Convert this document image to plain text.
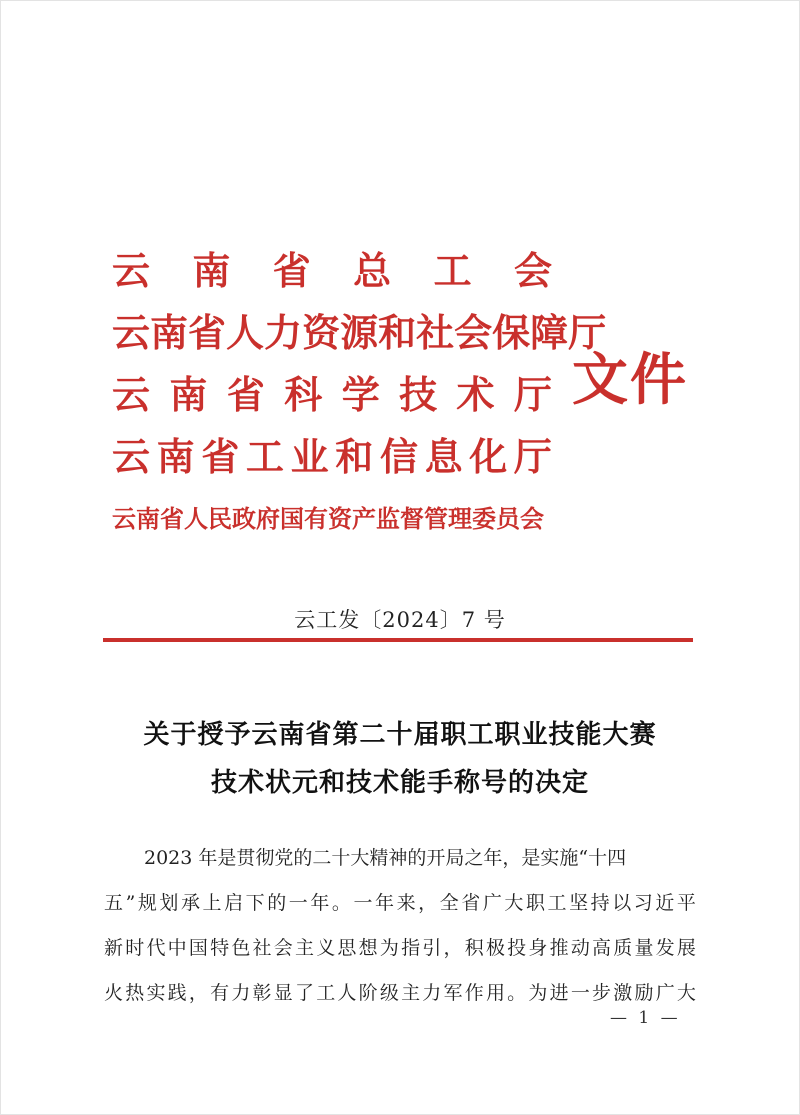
云 南 省 总 工 会
云 南 省 人 力 资 源 和 社 会 保 障 厅
云 南 省 科 学 技 术 厅
云 南 省 工 业 和 信 息 化 厅
云 南 省 人 民 政 府 国 有 资 产 监 督 管 理 委 员 会
文件
云工发〔2024〕7 号
关于授予云南省第二十届职工职业技能大赛
技术状元和技术能手称号的决定
2023 年是贯彻党的二十大精神的开局之年，是实施“十四
五 ” 规 划 承 上 启 下 的 一 年 。 一 年 来 ， 全 省 广 大 职 工 坚 持 以 习 近 平
新 时 代 中 国 特 色 社 会 主 义 思 想 为 指 引 ， 积 极 投 身 推 动 高 质 量 发 展
火 热 实 践 ， 有 力 彰 显 了 工 人 阶 级 主 力 军 作 用 。 为 进 一 步 激 励 广 大
— 1 —
